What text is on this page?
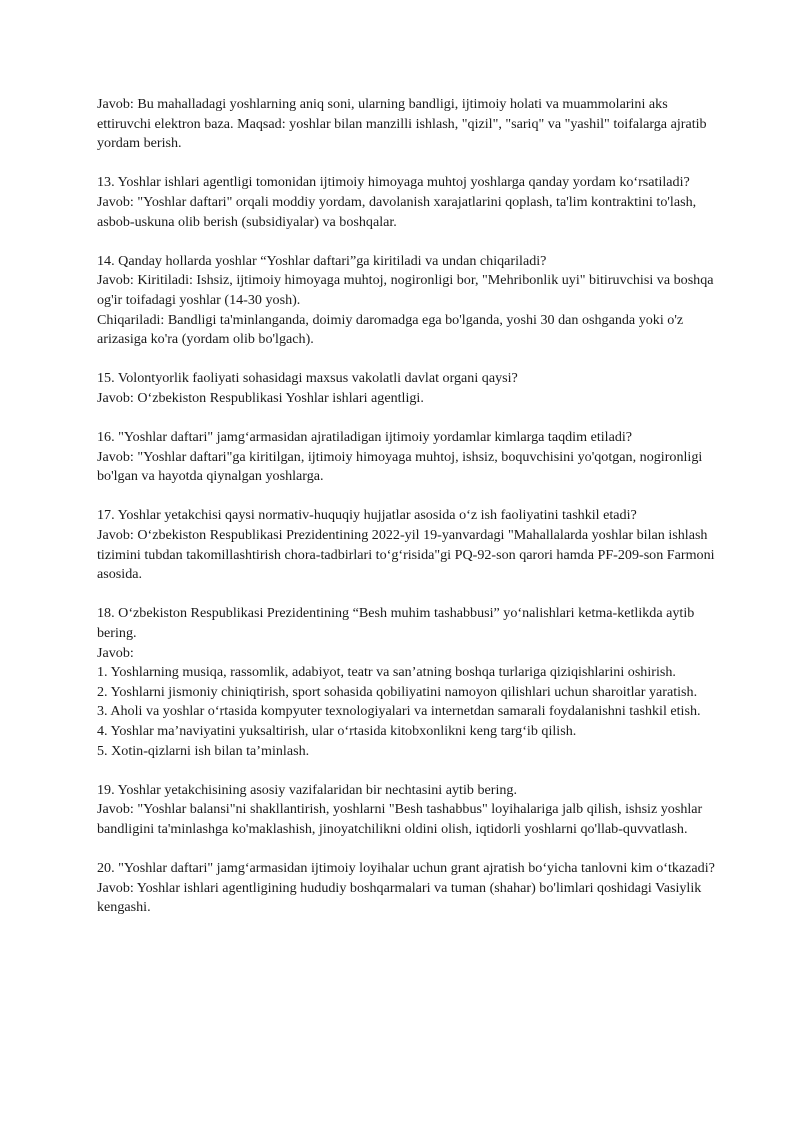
Javob: Bu mahalladagi yoshlarning aniq soni, ularning bandligi, ijtimoiy holati va muammolarini aks ettiruvchi elektron baza. Maqsad: yoshlar bilan manzilli ishlash, "qizil", "sariq" va "yashil" toifalarga ajratib yordam berish.
13. Yoshlar ishlari agentligi tomonidan ijtimoiy himoyaga muhtoj yoshlarga qanday yordam koʻrsatiladi?
Javob: "Yoshlar daftari" orqali moddiy yordam, davolanish xarajatlarini qoplash, ta'lim kontraktini to'lash, asbob-uskuna olib berish (subsidiyalar) va boshqalar.
14. Qanday hollarda yoshlar “Yoshlar daftari”ga kiritiladi va undan chiqariladi?
Javob: Kiritiladi: Ishsiz, ijtimoiy himoyaga muhtoj, nogironligi bor, "Mehribonlik uyi" bitiruvchisi va boshqa og'ir toifadagi yoshlar (14-30 yosh).
Chiqariladi: Bandligi ta'minlanganda, doimiy daromadga ega bo'lganda, yoshi 30 dan oshganda yoki o'z arizasiga ko'ra (yordam olib bo'lgach).
15. Volontyorlik faoliyati sohasidagi maxsus vakolatli davlat organi qaysi?
Javob: Oʻzbekiston Respublikasi Yoshlar ishlari agentligi.
16. "Yoshlar daftari" jamgʻarmasidan ajratiladigan ijtimoiy yordamlar kimlarga taqdim etiladi?
Javob: "Yoshlar daftari"ga kiritilgan, ijtimoiy himoyaga muhtoj, ishsiz, boquvchisini yo'qotgan, nogironligi bo'lgan va hayotda qiynalgan yoshlarga.
17. Yoshlar yetakchisi qaysi normativ-huquqiy hujjatlar asosida oʻz ish faoliyatini tashkil etadi?
Javob: Oʻzbekiston Respublikasi Prezidentining 2022-yil 19-yanvardagi "Mahallalarda yoshlar bilan ishlash tizimini tubdan takomillashtirish chora-tadbirlari toʻgʻrisida"gi PQ-92-son qarori hamda PF-209-son Farmoni asosida.
18. Oʻzbekiston Respublikasi Prezidentining “Besh muhim tashabbusi” yoʻnalishlari ketma-ketlikda aytib bering.
Javob:
1. Yoshlarning musiqa, rassomlik, adabiyot, teatr va san’atning boshqa turlariga qiziqishlarini oshirish.
2. Yoshlarni jismoniy chiniqtirish, sport sohasida qobiliyatini namoyon qilishlari uchun sharoitlar yaratish.
3. Aholi va yoshlar oʻrtasida kompyuter texnologiyalari va internetdan samarali foydalanishni tashkil etish.
4. Yoshlar ma’naviyatini yuksaltirish, ular oʻrtasida kitobxonlikni keng targʻib qilish.
5. Xotin-qizlarni ish bilan ta’minlash.
19. Yoshlar yetakchisining asosiy vazifalaridan bir nechtasini aytib bering.
Javob: "Yoshlar balansi"ni shakllantirish, yoshlarni "Besh tashabbus" loyihalariga jalb qilish, ishsiz yoshlar bandligini ta'minlashga ko'maklashish, jinoyatchilikni oldini olish, iqtidorli yoshlarni qo'llab-quvvatlash.
20. "Yoshlar daftari" jamgʻarmasidan ijtimoiy loyihalar uchun grant ajratish boʻyicha tanlovni kim oʻtkazadi?
Javob: Yoshlar ishlari agentligining hududiy boshqarmalari va tuman (shahar) bo'limlari qoshidagi Vasiylik kengashi.
